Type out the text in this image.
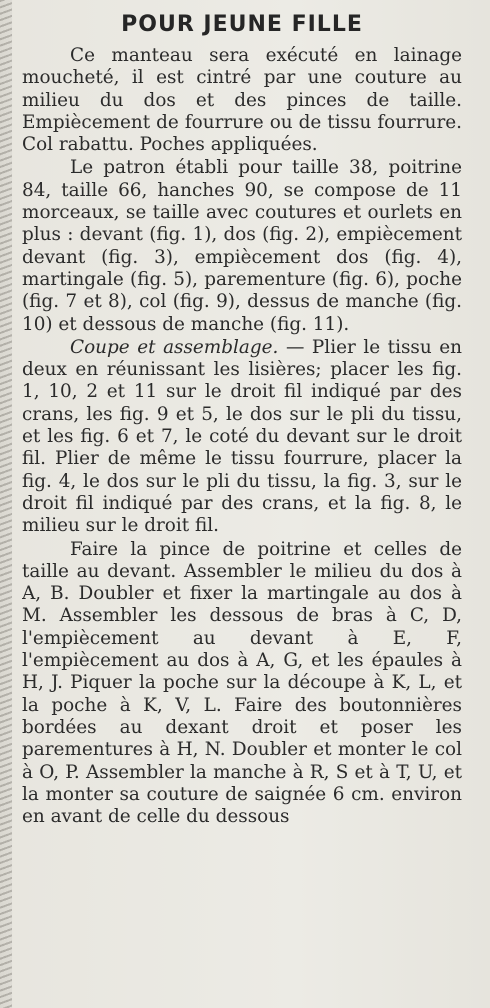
POUR JEUNE FILLE

Ce manteau sera exécuté en lainage moucheté, il est cintré par une couture au milieu du dos et des pinces de taille. Empiècement de fourrure ou de tissu fourrure. Col rabattu. Poches appliquées.

Le patron établi pour taille 38, poitrine 84, taille 66, hanches 90, se compose de 11 morceaux, se taille avec coutures et ourlets en plus : devant (fig. 1), dos (fig. 2), empiècement devant (fig. 3), empiècement dos (fig. 4), martingale (fig. 5), parementure (fig. 6), poche (fig. 7 et 8), col (fig. 9), dessus de manche (fig. 10) et dessous de manche (fig. 11).

Coupe et assemblage. — Plier le tissu en deux en réunissant les lisières; placer les fig. 1, 10, 2 et 11 sur le droit fil indiqué par des crans, les fig. 9 et 5, le dos sur le pli du tissu, et les fig. 6 et 7, le coté du devant sur le droit fil. Plier de même le tissu fourrure, placer la fig. 4, le dos sur le pli du tissu, la fig. 3, sur le droit fil indiqué par des crans, et la fig. 8, le milieu sur le droit fil.

Faire la pince de poitrine et celles de taille au devant. Assembler le milieu du dos à A, B. Doubler et fixer la martingale au dos à M. Assembler les dessous de bras à C, D, l'empiècement au devant à E, F, l'empiècement au dos à A, G, et les épaules à H, J. Piquer la poche sur la découpe à K, L, et la poche à K, V, L. Faire des boutonnières bordées au dexant droit et poser les parementures à H, N. Doubler et monter le col à O, P. Assembler la manche à R, S et à T, U, et la monter sa couture de saignée 6 cm. environ en avant de celle du dessous
